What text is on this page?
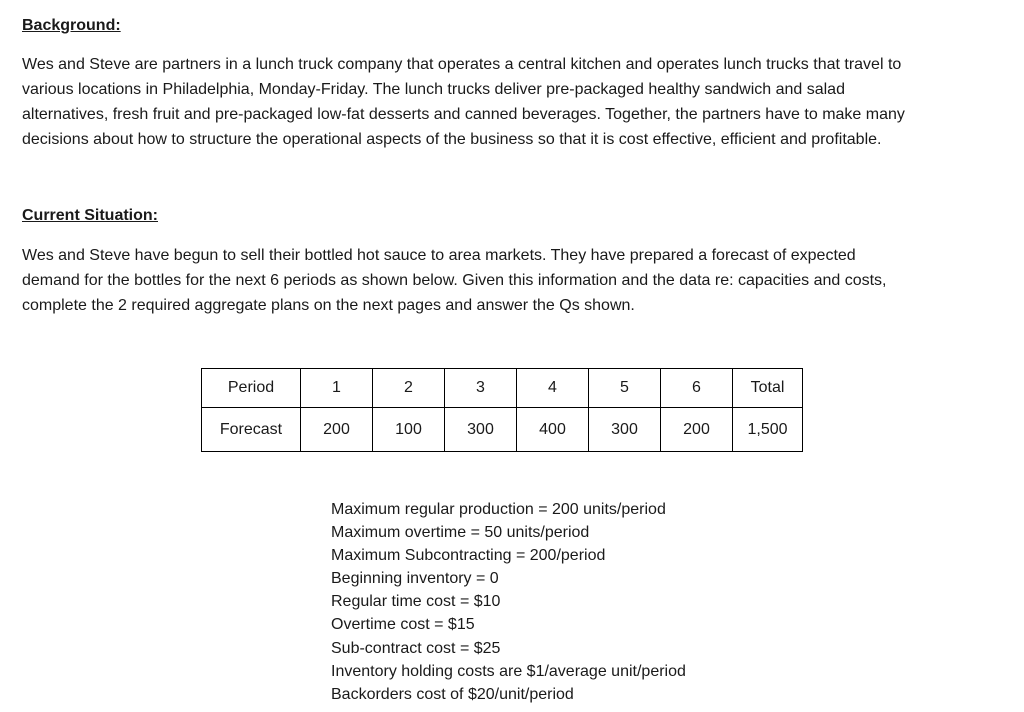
Background:

Wes and Steve are partners in a lunch truck company that operates a central kitchen and operates lunch trucks that travel to
various locations in Philadelphia, Monday-Friday. The lunch trucks deliver pre-packaged healthy sandwich and salad
alternatives, fresh fruit and pre-packaged low-fat desserts and canned beverages. Together, the partners have to make many
decisions about how to structure the operational aspects of the business so that it is cost effective, efficient and profitable.

Current Situation:

Wes and Steve have begun to sell their bottled hot sauce to area markets. They have prepared a forecast of expected
demand for the bottles for the next 6 periods as shown below. Given this information and the data re: capacities and costs,
complete the 2 required aggregate plans on the next pages and answer the Qs shown.

Period	1	2	3	4	5	6	Total
Forecast	200	100	300	400	300	200	1,500
Maximum regular production = 200 units/period
Maximum overtime = 50 units/period
Maximum Subcontracting = 200/period
Beginning inventory = 0
Regular time cost = $10
Overtime cost = $15
Sub-contract cost = $25
Inventory holding costs are $1/average unit/period
Backorders cost of $20/unit/period
